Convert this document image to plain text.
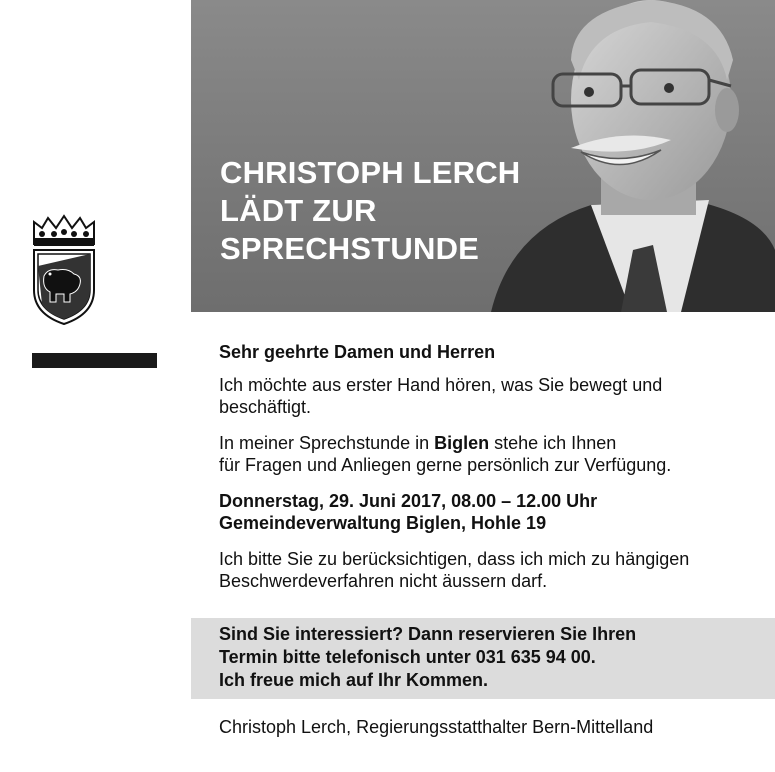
CHRISTOPH LERCH
LÄDT ZUR
SPRECHSTUNDE

Sehr geehrte Damen und Herren

Ich möchte aus erster Hand hören, was Sie bewegt und beschäftigt.

In meiner Sprechstunde in Biglen stehe ich Ihnen
für Fragen und Anliegen gerne persönlich zur Verfügung.

Donnerstag, 29. Juni 2017, 08.00 – 12.00 Uhr
Gemeindeverwaltung Biglen, Hohle 19

Ich bitte Sie zu berücksichtigen, dass ich mich zu hängigen Beschwerdeverfahren nicht äussern darf.

Sind Sie interessiert? Dann reservieren Sie Ihren
Termin bitte telefonisch unter 031 635 94 00.
Ich freue mich auf Ihr Kommen.

Christoph Lerch, Regierungsstatthalter Bern-Mittelland
